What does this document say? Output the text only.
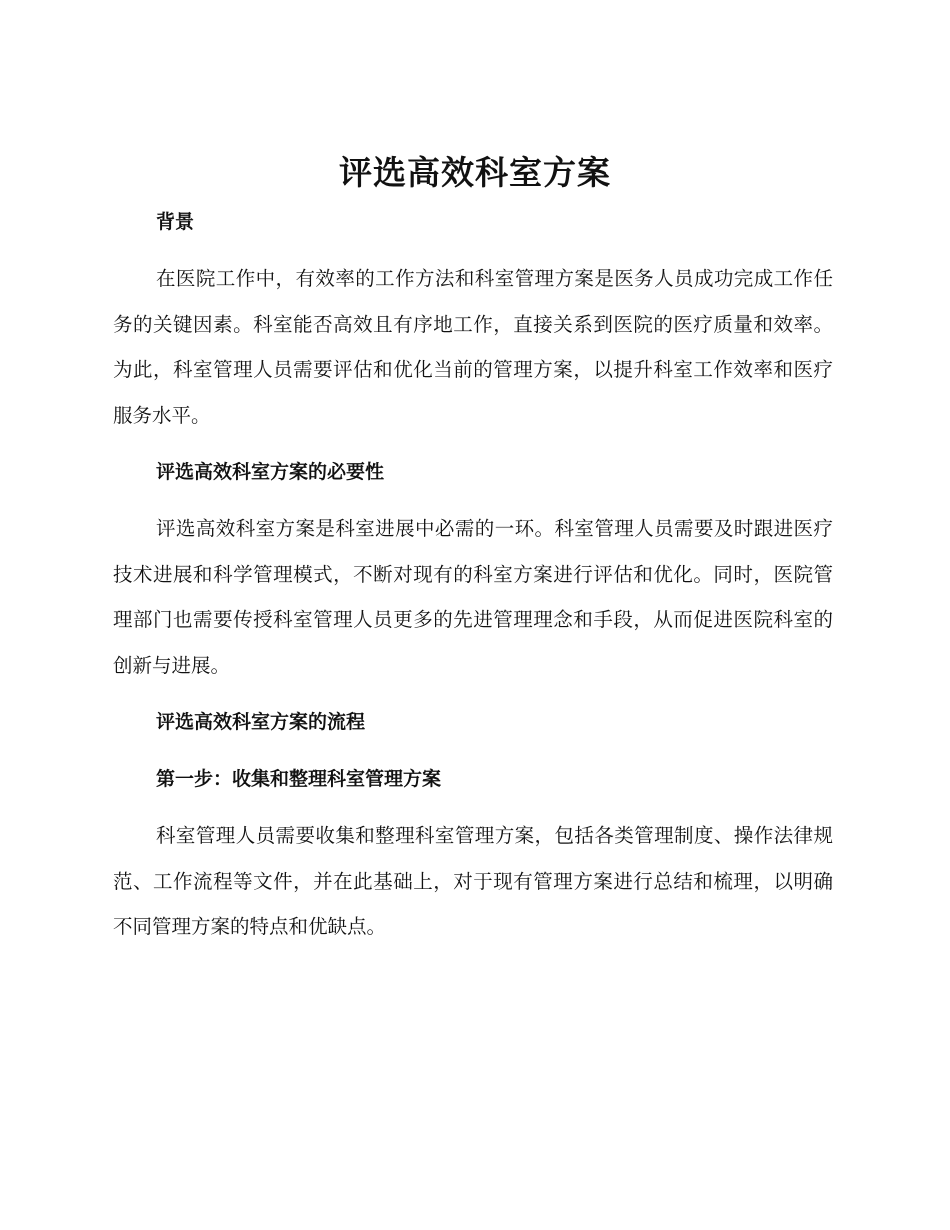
评选高效科室方案

背景

在医院工作中，有效率的工作方法和科室管理方案是医务人员成功完成工作任务的关键因素。科室能否高效且有序地工作，直接关系到医院的医疗质量和效率。为此，科室管理人员需要评估和优化当前的管理方案，以提升科室工作效率和医疗服务水平。

评选高效科室方案的必要性

评选高效科室方案是科室进展中必需的一环。科室管理人员需要及时跟进医疗技术进展和科学管理模式，不断对现有的科室方案进行评估和优化。同时，医院管理部门也需要传授科室管理人员更多的先进管理理念和手段，从而促进医院科室的创新与进展。

评选高效科室方案的流程

第一步：收集和整理科室管理方案

科室管理人员需要收集和整理科室管理方案，包括各类管理制度、操作法律规范、工作流程等文件，并在此基础上，对于现有管理方案进行总结和梳理，以明确不同管理方案的特点和优缺点。
